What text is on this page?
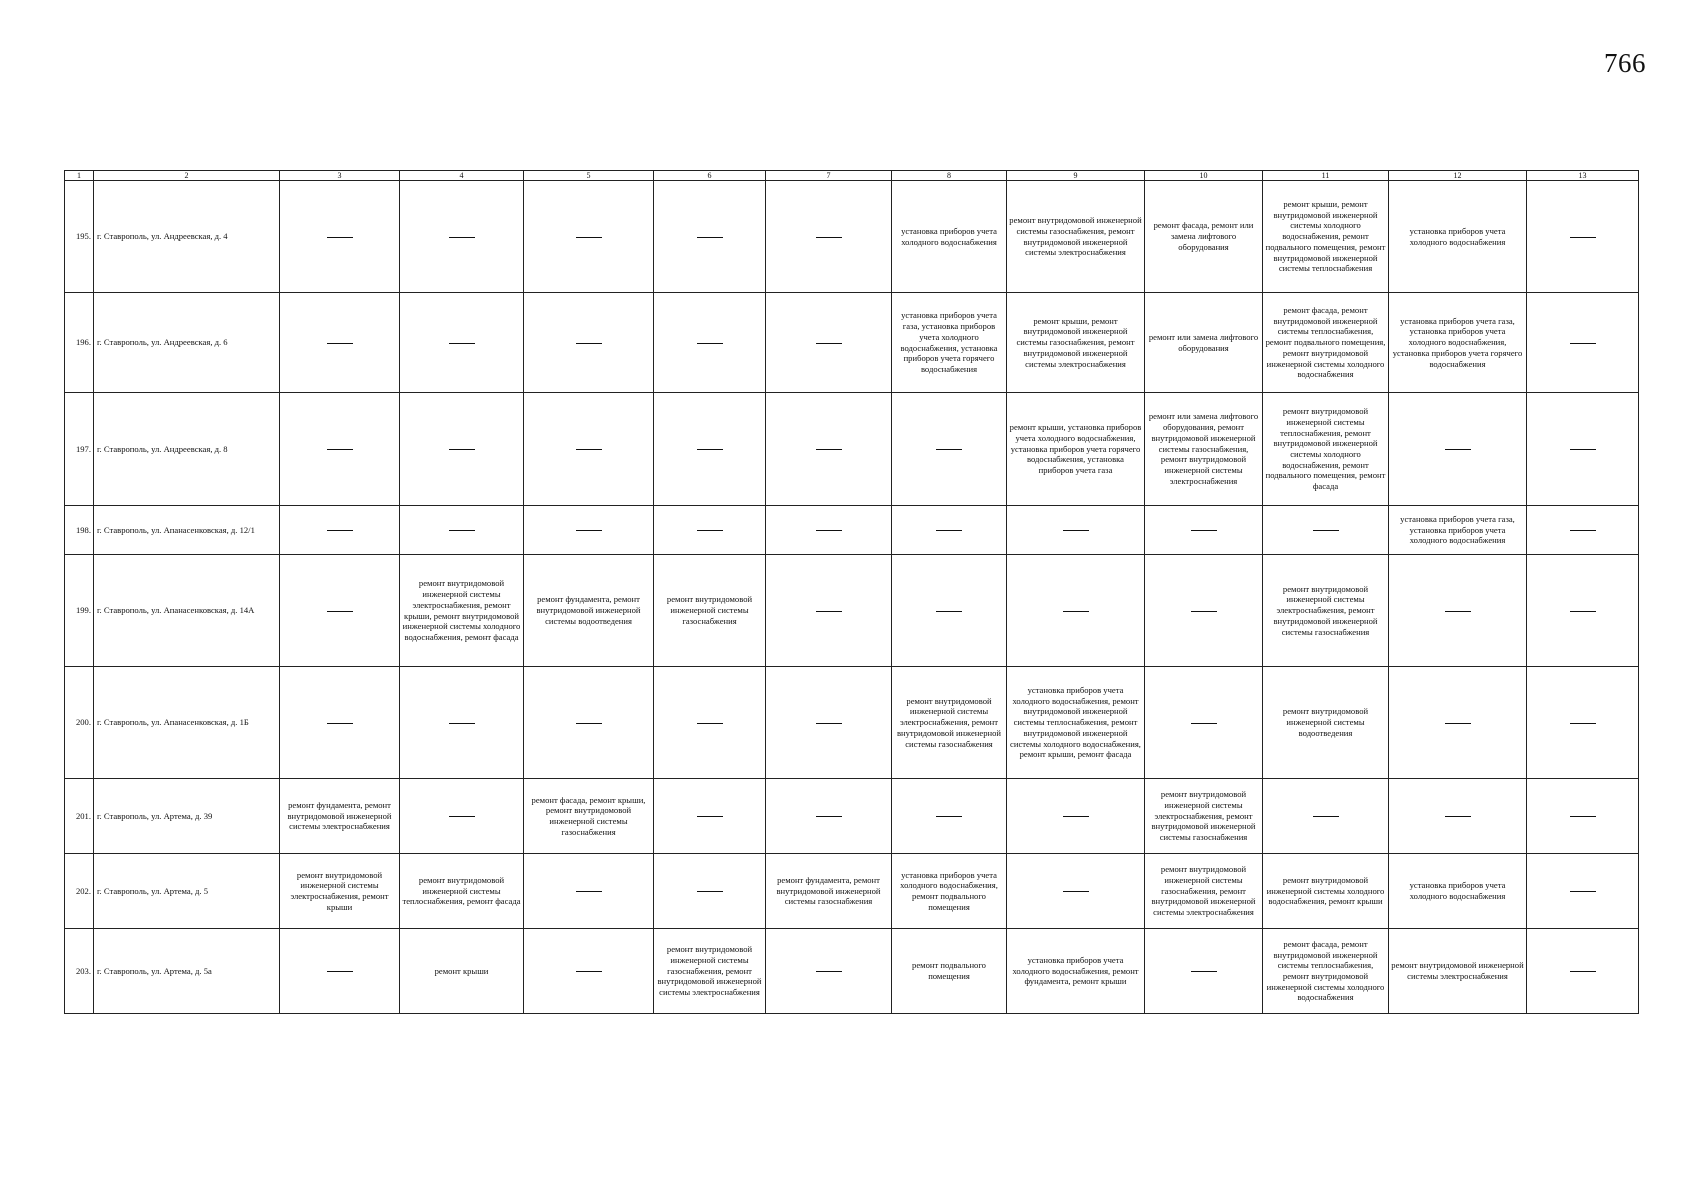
766
1	2	3	4	5	6	7	8	9	10	11	12	13
195.	г. Ставрополь, ул. Андреевская, д. 4						установка приборов учета холодного водоснабжения	ремонт внутридомовой инженерной системы газоснабжения, ремонт внутридомовой инженерной системы электроснабжения	ремонт фасада, ремонт или замена лифтового оборудования	ремонт крыши, ремонт внутридомовой инженерной системы холодного водоснабжения, ремонт подвального помещения, ремонт внутридомовой инженерной системы теплоснабжения	установка приборов учета холодного водоснабжения	
196.	г. Ставрополь, ул. Андреевская, д. 6						установка приборов учета газа, установка приборов учета холодного водоснабжения, установка приборов учета горячего водоснабжения	ремонт крыши, ремонт внутридомовой инженерной системы газоснабжения, ремонт внутридомовой инженерной системы электроснабжения	ремонт или замена лифтового оборудования	ремонт фасада, ремонт внутридомовой инженерной системы теплоснабжения, ремонт подвального помещения, ремонт внутридомовой инженерной системы холодного водоснабжения	установка приборов учета газа, установка приборов учета холодного водоснабжения, установка приборов учета горячего водоснабжения	
197.	г. Ставрополь, ул. Андреевская, д. 8							ремонт крыши, установка приборов учета холодного водоснабжения, установка приборов учета горячего водоснабжения, установка приборов учета газа	ремонт или замена лифтового оборудования, ремонт внутридомовой инженерной системы газоснабжения, ремонт внутридомовой инженерной системы электроснабжения	ремонт внутридомовой инженерной системы теплоснабжения, ремонт внутридомовой инженерной системы холодного водоснабжения, ремонт подвального помещения, ремонт фасада		
198.	г. Ставрополь, ул. Апанасенковская, д. 12/1										установка приборов учета газа, установка приборов учета холодного водоснабжения	
199.	г. Ставрополь, ул. Апанасенковская, д. 14А		ремонт внутридомовой инженерной системы электроснабжения, ремонт крыши, ремонт внутридомовой инженерной системы холодного водоснабжения, ремонт фасада	ремонт фундамента, ремонт внутридомовой инженерной системы водоотведения	ремонт внутридомовой инженерной системы газоснабжения					ремонт внутридомовой инженерной системы электроснабжения, ремонт внутридомовой инженерной системы газоснабжения		
200.	г. Ставрополь, ул. Апанасенковская, д. 1Б						ремонт внутридомовой инженерной системы электроснабжения, ремонт внутридомовой инженерной системы газоснабжения	установка приборов учета холодного водоснабжения, ремонт внутридомовой инженерной системы теплоснабжения, ремонт внутридомовой инженерной системы холодного водоснабжения, ремонт крыши, ремонт фасада		ремонт внутридомовой инженерной системы водоотведения		
201.	г. Ставрополь, ул. Артема, д. 39	ремонт фундамента, ремонт внутридомовой инженерной системы электроснабжения		ремонт фасада, ремонт крыши, ремонт внутридомовой инженерной системы газоснабжения					ремонт внутридомовой инженерной системы электроснабжения, ремонт внутридомовой инженерной системы газоснабжения			
202.	г. Ставрополь, ул. Артема, д. 5	ремонт внутридомовой инженерной системы электроснабжения, ремонт крыши	ремонт внутридомовой инженерной системы теплоснабжения, ремонт фасада			ремонт фундамента, ремонт внутридомовой инженерной системы газоснабжения	установка приборов учета холодного водоснабжения, ремонт подвального помещения		ремонт внутридомовой инженерной системы газоснабжения, ремонт внутридомовой инженерной системы электроснабжения	ремонт внутридомовой инженерной системы холодного водоснабжения, ремонт крыши	установка приборов учета холодного водоснабжения	
203.	г. Ставрополь, ул. Артема, д. 5а		ремонт крыши		ремонт внутридомовой инженерной системы газоснабжения, ремонт внутридомовой инженерной системы электроснабжения		ремонт подвального помещения	установка приборов учета холодного водоснабжения, ремонт фундамента, ремонт крыши		ремонт фасада, ремонт внутридомовой инженерной системы теплоснабжения, ремонт внутридомовой инженерной системы холодного водоснабжения	ремонт внутридомовой инженерной системы электроснабжения	
